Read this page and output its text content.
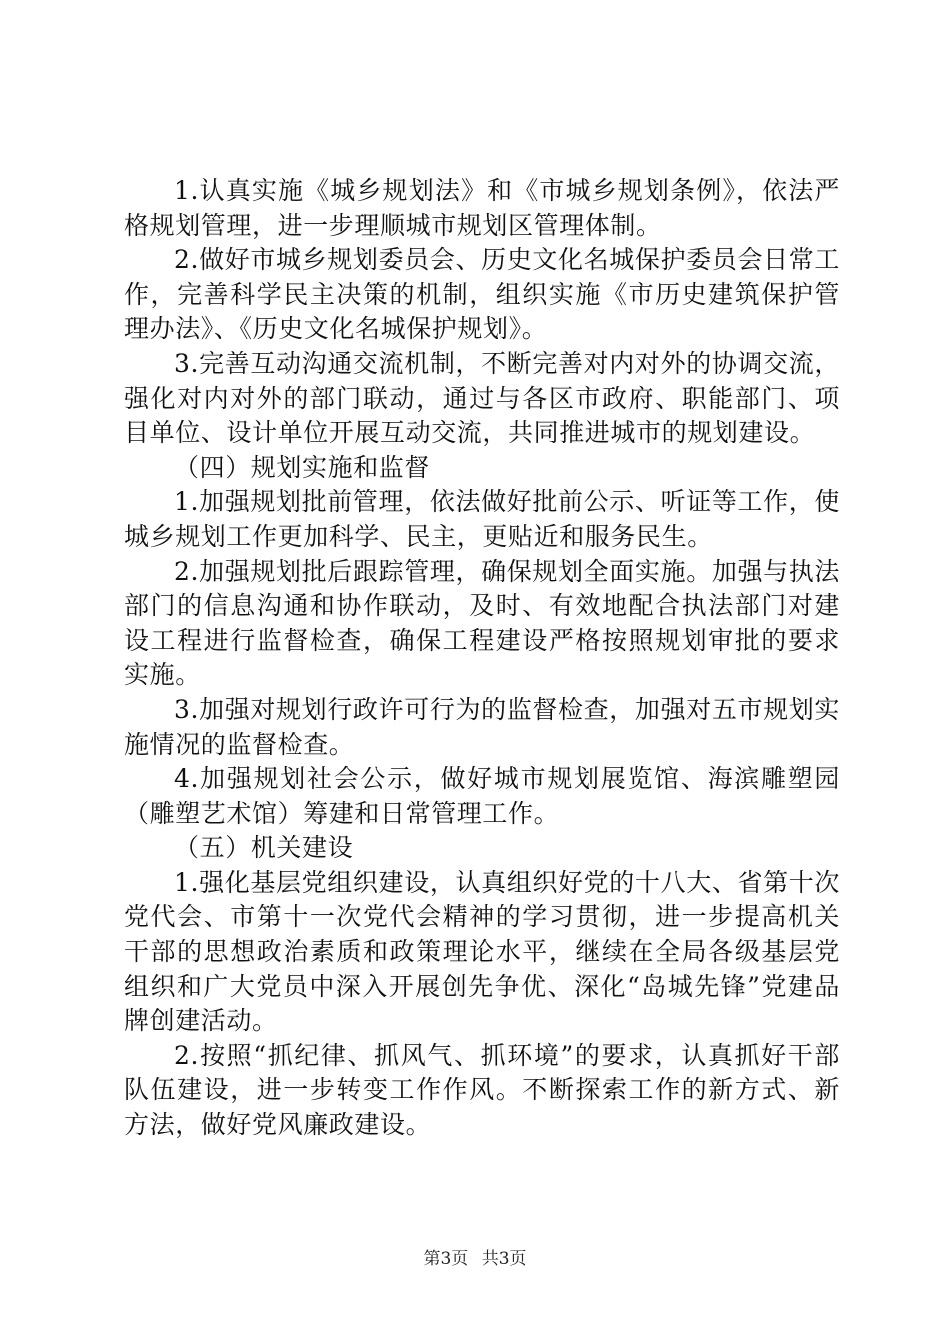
1.认真实施《城乡规划法》和《市城乡规划条例》，依法严格规划管理，进一步理顺城市规划区管理体制。

2.做好市城乡规划委员会、历史文化名城保护委员会日常工作，完善科学民主决策的机制，组织实施《市历史建筑保护管理办法》、《历史文化名城保护规划》。

3.完善互动沟通交流机制，不断完善对内对外的协调交流，强化对内对外的部门联动，通过与各区市政府、职能部门、项目单位、设计单位开展互动交流，共同推进城市的规划建设。

（四）规划实施和监督

1.加强规划批前管理，依法做好批前公示、听证等工作，使城乡规划工作更加科学、民主，更贴近和服务民生。

2.加强规划批后跟踪管理，确保规划全面实施。加强与执法部门的信息沟通和协作联动，及时、有效地配合执法部门对建设工程进行监督检查，确保工程建设严格按照规划审批的要求实施。

3.加强对规划行政许可行为的监督检查，加强对五市规划实施情况的监督检查。

4.加强规划社会公示，做好城市规划展览馆、海滨雕塑园（雕塑艺术馆）筹建和日常管理工作。

（五）机关建设

1.强化基层党组织建设，认真组织好党的十八大、省第十次党代会、市第十一次党代会精神的学习贯彻，进一步提高机关干部的思想政治素质和政策理论水平，继续在全局各级基层党组织和广大党员中深入开展创先争优、深化“岛城先锋”党建品牌创建活动。

2.按照“抓纪律、抓风气、抓环境”的要求，认真抓好干部队伍建设，进一步转变工作作风。不断探索工作的新方式、新方法，做好党风廉政建设。

第3页 共3页
